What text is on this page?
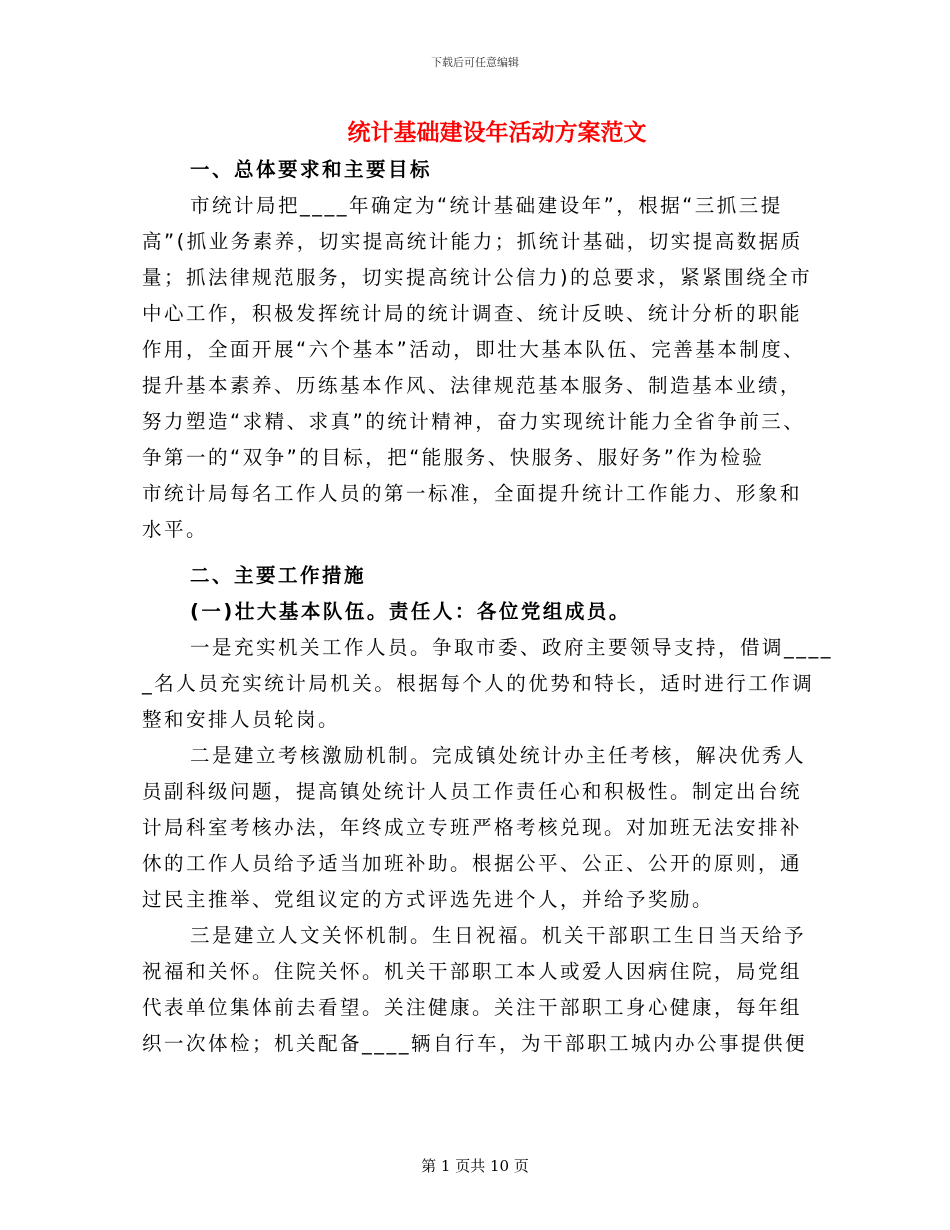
下载后可任意编辑
统计基础建设年活动方案范文
一、总体要求和主要目标
市统计局把____年确定为“统计基础建设年”，根据“三抓三提
高”(抓业务素养，切实提高统计能力；抓统计基础，切实提高数据质
量；抓法律规范服务，切实提高统计公信力)的总要求，紧紧围绕全市
中心工作，积极发挥统计局的统计调查、统计反映、统计分析的职能
作用，全面开展“六个基本”活动，即壮大基本队伍、完善基本制度、
提升基本素养、历练基本作风、法律规范基本服务、制造基本业绩，
努力塑造“求精、求真”的统计精神，奋力实现统计能力全省争前三、
争第一的“双争”的目标，把“能服务、快服务、服好务”作为检验
市统计局每名工作人员的第一标准，全面提升统计工作能力、形象和
水平。
二、主要工作措施
(一)壮大基本队伍。责任人：各位党组成员。
一是充实机关工作人员。争取市委、政府主要领导支持，借调____
_名人员充实统计局机关。根据每个人的优势和特长，适时进行工作调
整和安排人员轮岗。
二是建立考核激励机制。完成镇处统计办主任考核，解决优秀人
员副科级问题，提高镇处统计人员工作责任心和积极性。制定出台统
计局科室考核办法，年终成立专班严格考核兑现。对加班无法安排补
休的工作人员给予适当加班补助。根据公平、公正、公开的原则，通
过民主推举、党组议定的方式评选先进个人，并给予奖励。
三是建立人文关怀机制。生日祝福。机关干部职工生日当天给予
祝福和关怀。住院关怀。机关干部职工本人或爱人因病住院，局党组
代表单位集体前去看望。关注健康。关注干部职工身心健康，每年组
织一次体检；机关配备____辆自行车，为干部职工城内办公事提供便
第 1 页共 10 页
